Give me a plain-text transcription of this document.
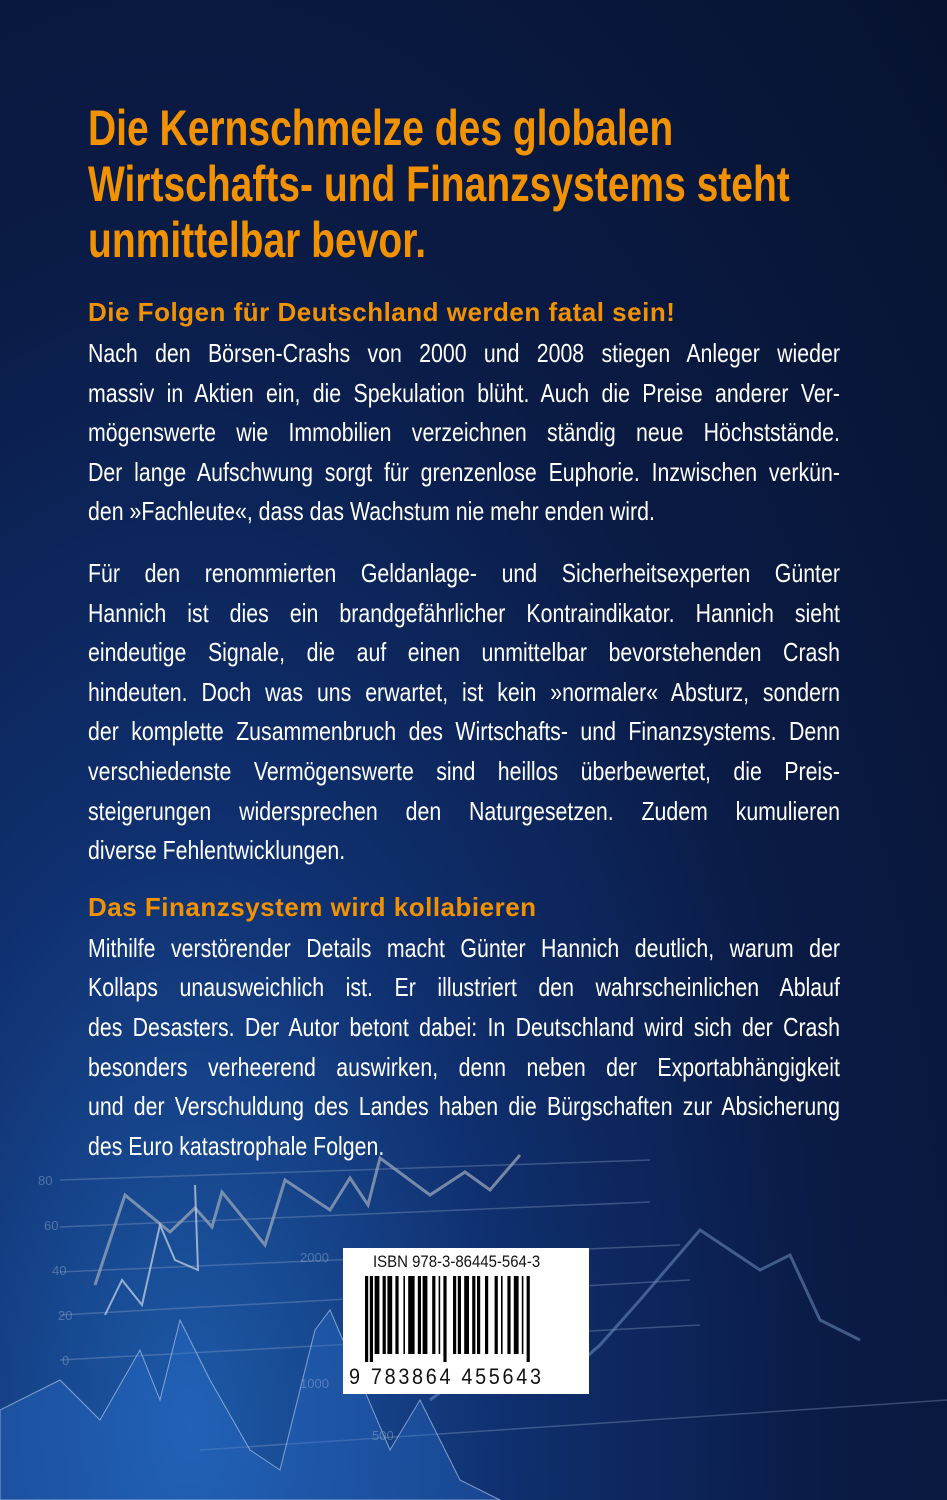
80
60
40
20
0
2000
1000
500
Die Kernschmelze des globalen
Wirtschafts- und Finanzsystems steht
unmittelbar bevor.
Die Folgen für Deutschland werden fatal sein!
Nach den Börsen-Crashs von 2000 und 2008 stiegen Anleger wieder
massiv in Aktien ein, die Spekulation blüht. Auch die Preise anderer Ver-
mögenswerte wie Immobilien verzeichnen ständig neue Höchststände.
Der lange Aufschwung sorgt für grenzenlose Euphorie. Inzwischen verkün-
den »Fachleute«, dass das Wachstum nie mehr enden wird.
Für den renommierten Geldanlage- und Sicherheitsexperten Günter
Hannich ist dies ein brandgefährlicher Kontraindikator. Hannich sieht
eindeutige Signale, die auf einen unmittelbar bevorstehenden Crash
hindeuten. Doch was uns erwartet, ist kein »normaler« Absturz, sondern
der komplette Zusammenbruch des Wirtschafts- und Finanzsystems. Denn
verschiedenste Vermögenswerte sind heillos überbewertet, die Preis-
steigerungen widersprechen den Naturgesetzen. Zudem kumulieren
diverse Fehlentwicklungen.
Das Finanzsystem wird kollabieren
Mithilfe verstörender Details macht Günter Hannich deutlich, warum der
Kollaps unausweichlich ist. Er illustriert den wahrscheinlichen Ablauf
des Desasters. Der Autor betont dabei: In Deutschland wird sich der Crash
besonders verheerend auswirken, denn neben der Exportabhängigkeit
und der Verschuldung des Landes haben die Bürgschaften zur Absicherung
des Euro katastrophale Folgen.
ISBN 978-3-86445-564-3
9 783864 455643
